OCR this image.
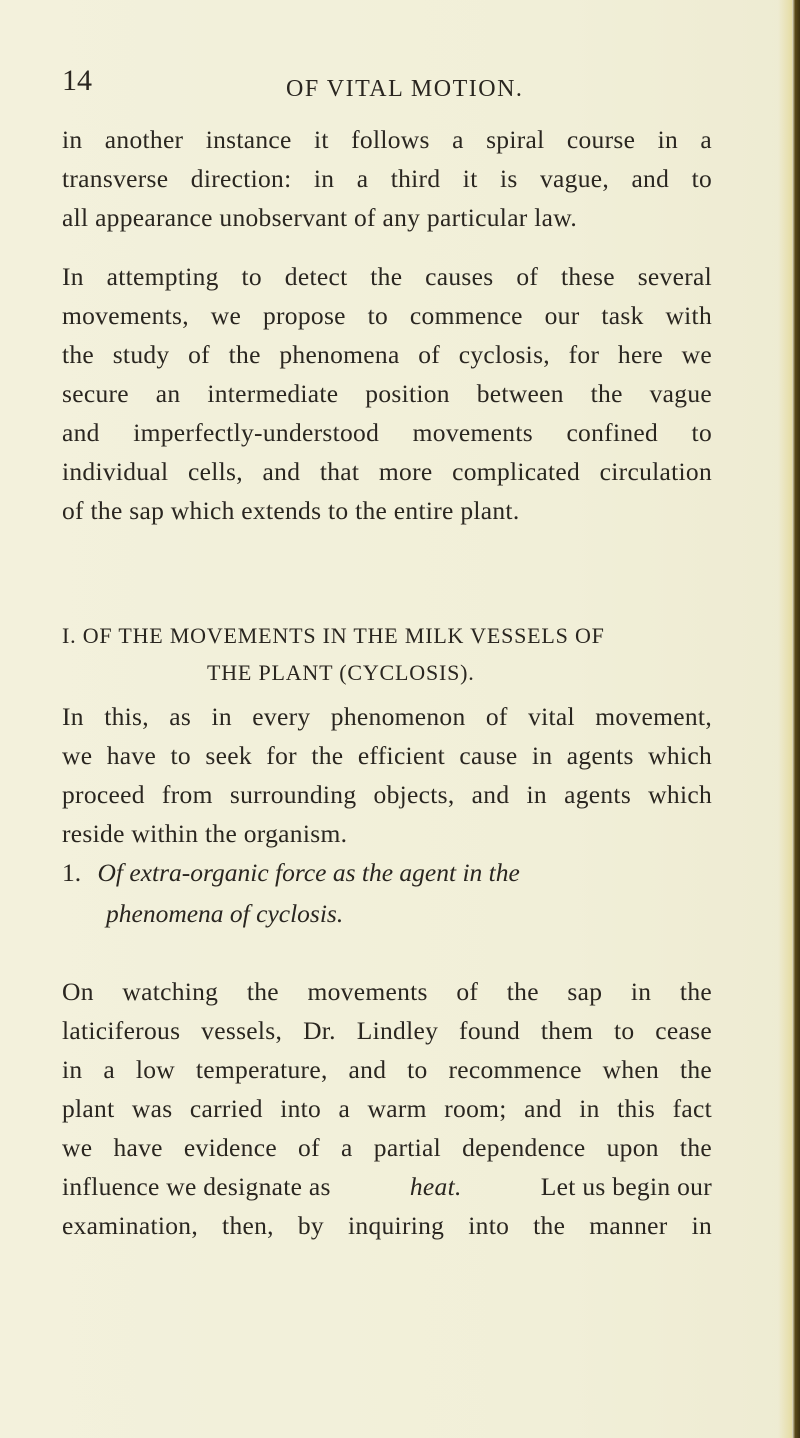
14	OF VITAL MOTION.
in another instance it follows a spiral course in a
transverse direction: in a third it is vague, and to
all appearance unobservant of any particular law.
In attempting to detect the causes of these several
movements, we propose to commence our task with
the study of the phenomena of cyclosis, for here we
secure an intermediate position between the vague
and imperfectly-understood movements confined to
individual cells, and that more complicated circulation
of the sap which extends to the entire plant.
I. OF THE MOVEMENTS IN THE MILK VESSELS OF
THE PLANT (CYCLOSIS).
In this, as in every phenomenon of vital movement,
we have to seek for the efficient cause in agents which
proceed from surrounding objects, and in agents which
reside within the organism.
1. Of extra-organic force as the agent in the
phenomena of cyclosis.
On watching the movements of the sap in the
laticiferous vessels, Dr. Lindley found them to cease
in a low temperature, and to recommence when the
plant was carried into a warm room; and in this fact
we have evidence of a partial dependence upon the
influence we designate as	heat.	Let us begin our
examination, then, by inquiring into the manner in
